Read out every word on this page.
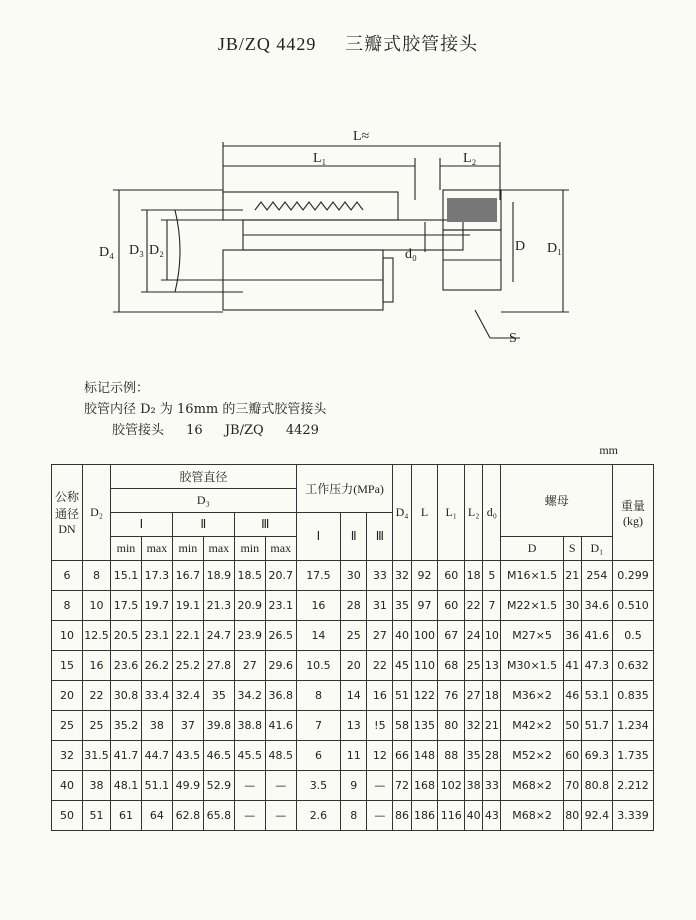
JB/ZQ 4429 三瓣式胶管接头
L≈
L₁	L₂
D₄ D₃ D₂	d₀
D D₁
S
标记示例：
胶管内径 D₂ 为 16mm 的三瓣式胶管接头
胶管接头 16 JB/ZQ 4429
mm
公称通径DN	D₂	胶管直径						工作压力(MPa)			D₄	L	L₁	L₂	d₀	螺母			重量(kg)
		D₃																	
		Ⅰ		Ⅱ		Ⅲ		Ⅰ	Ⅱ	Ⅲ									
		min	max	min	max	min	max									D	S	D₁	
6	8	15.1	17.3	16.7	18.9	18.5	20.7	17.5	30	33	32	92	60	18	5	M16×1.5	21	254	0.299
8	10	17.5	19.7	19.1	21.3	20.9	23.1	16	28	31	35	97	60	22	7	M22×1.5	30	34.6	0.510
10	12.5	20.5	23.1	22.1	24.7	23.9	26.5	14	25	27	40	100	67	24	10	M27×5	36	41.6	0.5
15	16	23.6	26.2	25.2	27.8	27	29.6	10.5	20	22	45	110	68	25	13	M30×1.5	41	47.3	0.632
20	22	30.8	33.4	32.4	35	34.2	36.8	8	14	16	51	122	76	27	18	M36×2	46	53.1	0.835
25	25	35.2	38	37	39.8	38.8	41.6	7	13	!5	58	135	80	32	21	M42×2	50	51.7	1.234
32	31.5	41.7	44.7	43.5	46.5	45.5	48.5	6	11	12	66	148	88	35	28	M52×2	60	69.3	1.735
40	38	48.1	51.1	49.9	52.9	—	—	3.5	9	—	72	168	102	38	33	M68×2	70	80.8	2.212
50	51	61	64	62.8	65.8	—	—	2.6	8	—	86	186	116	40	43	M68×2	80	92.4	3.339
